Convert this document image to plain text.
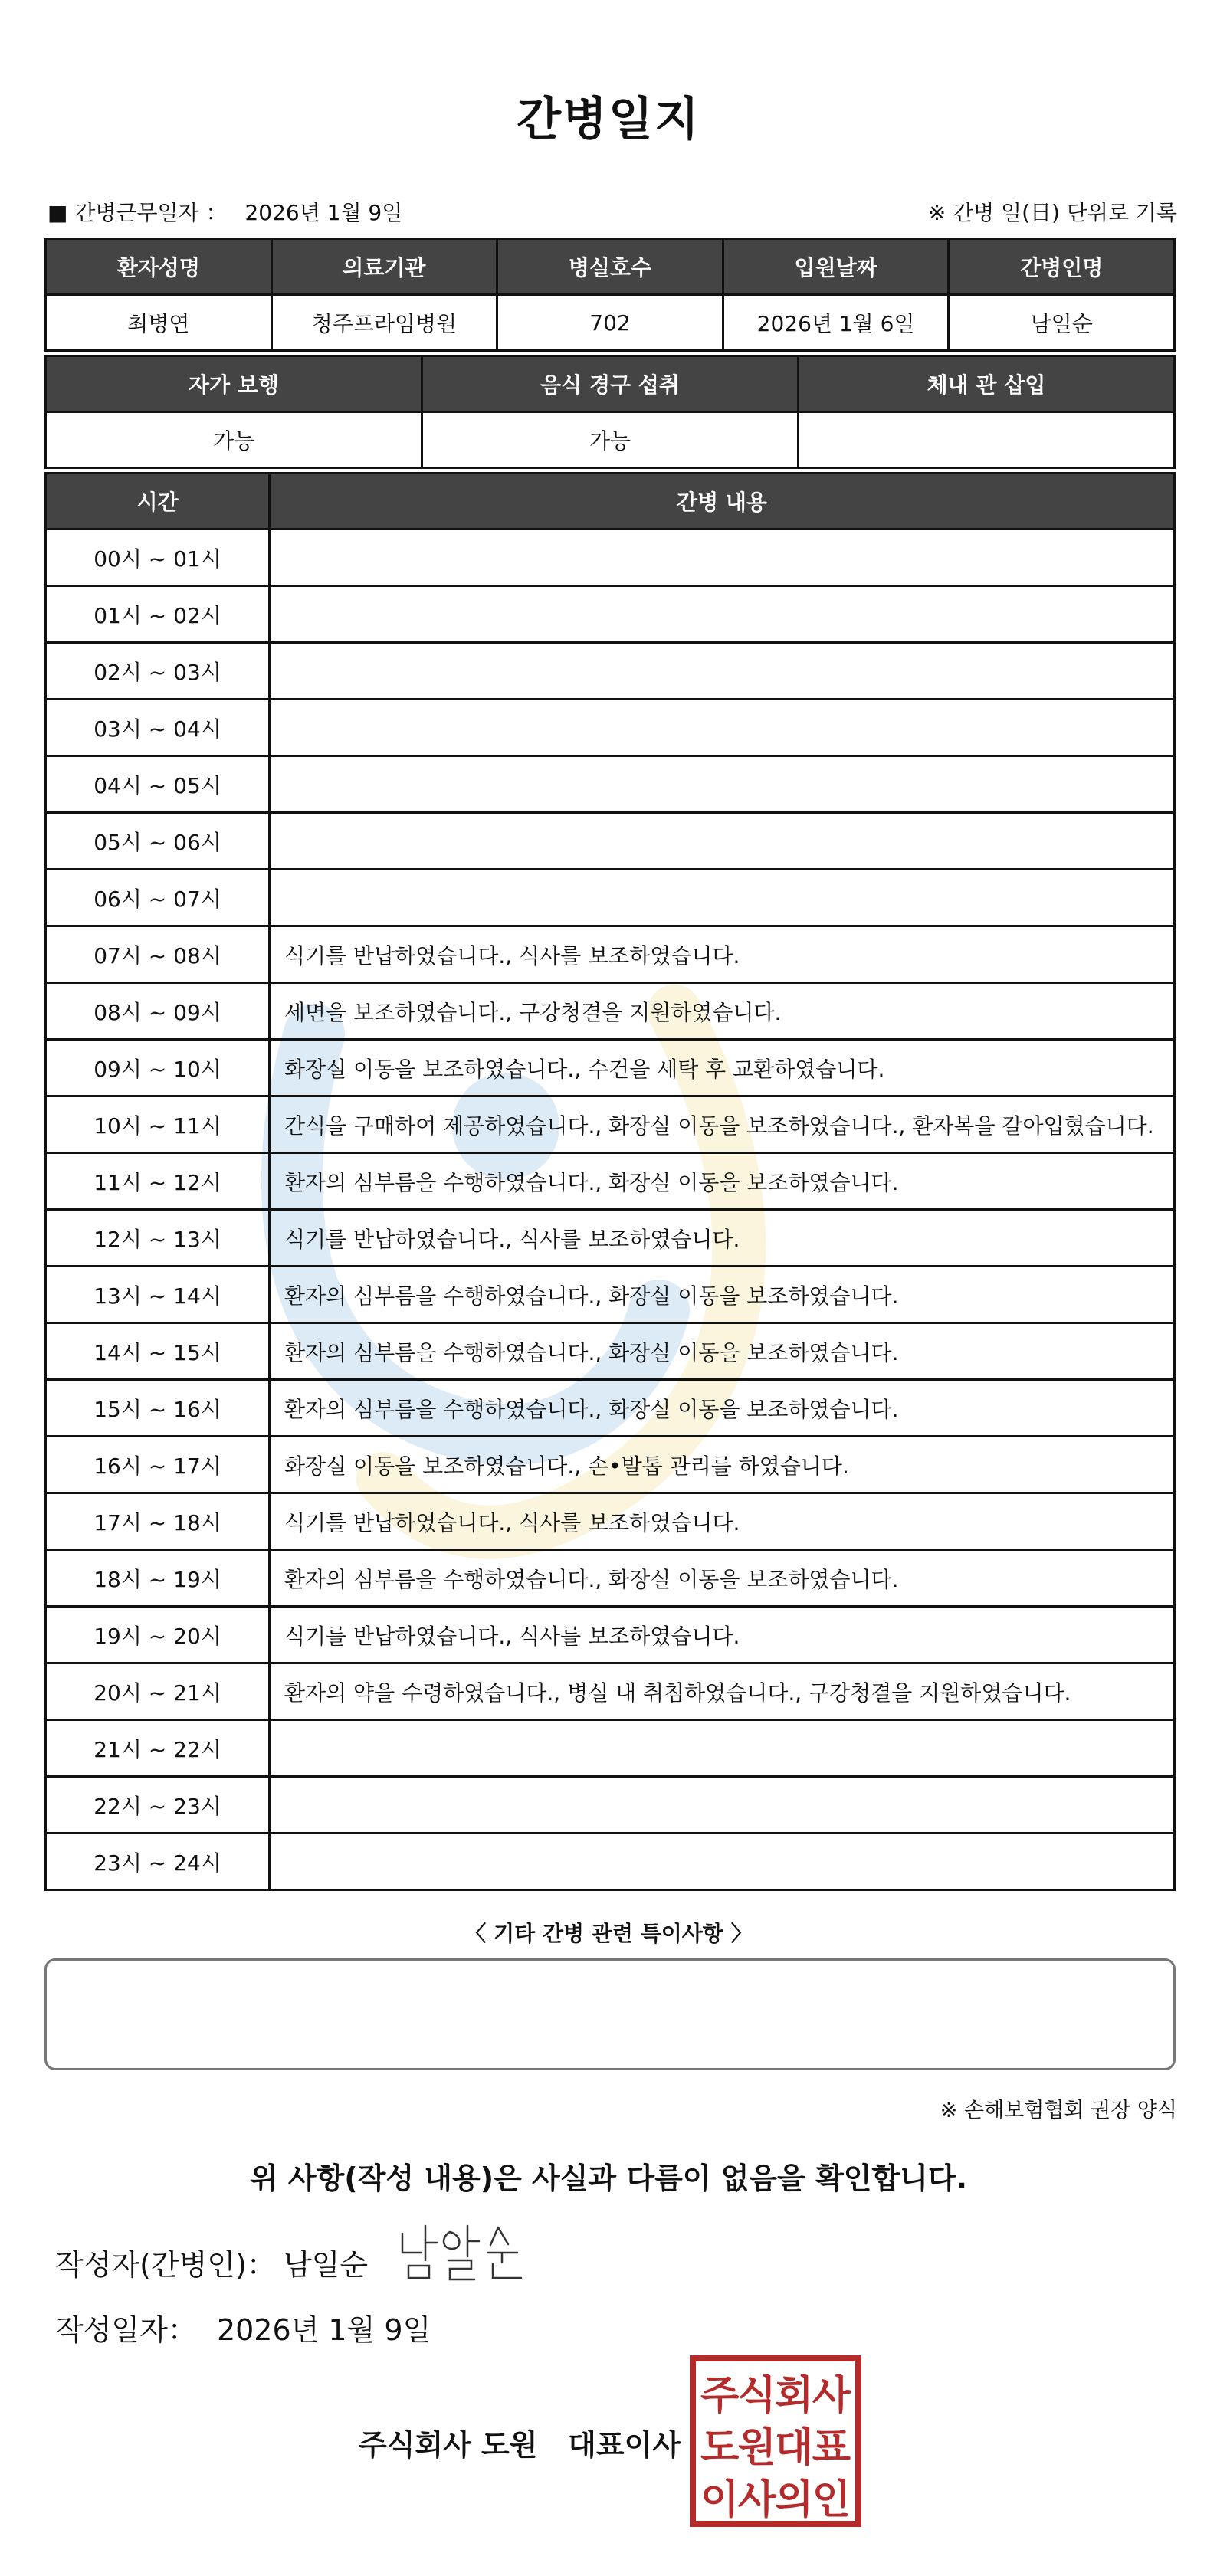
간병일지
■ 간병근무일자 ： 2026년 1월 9일	※ 간병 일(日) 단위로 기록
환자성명	의료기관	병실호수	입원날짜	간병인명
최병연	청주프라임병원	702	2026년 1월 6일	남일순
자가 보행	음식 경구 섭취	체내 관 삽입
가능	가능	
시간	간병 내용
00시 ~ 01시	
01시 ~ 02시	
02시 ~ 03시	
03시 ~ 04시	
04시 ~ 05시	
05시 ~ 06시	
06시 ~ 07시	
07시 ~ 08시	식기를 반납하였습니다., 식사를 보조하였습니다.
08시 ~ 09시	세면을 보조하였습니다., 구강청결을 지원하였습니다.
09시 ~ 10시	화장실 이동을 보조하였습니다., 수건을 세탁 후 교환하였습니다.
10시 ~ 11시	간식을 구매하여 제공하였습니다., 화장실 이동을 보조하였습니다., 환자복을 갈아입혔습니다.
11시 ~ 12시	환자의 심부름을 수행하였습니다., 화장실 이동을 보조하였습니다.
12시 ~ 13시	식기를 반납하였습니다., 식사를 보조하였습니다.
13시 ~ 14시	환자의 심부름을 수행하였습니다., 화장실 이동을 보조하였습니다.
14시 ~ 15시	환자의 심부름을 수행하였습니다., 화장실 이동을 보조하였습니다.
15시 ~ 16시	환자의 심부름을 수행하였습니다., 화장실 이동을 보조하였습니다.
16시 ~ 17시	화장실 이동을 보조하였습니다., 손•발톱 관리를 하였습니다.
17시 ~ 18시	식기를 반납하였습니다., 식사를 보조하였습니다.
18시 ~ 19시	환자의 심부름을 수행하였습니다., 화장실 이동을 보조하였습니다.
19시 ~ 20시	식기를 반납하였습니다., 식사를 보조하였습니다.
20시 ~ 21시	환자의 약을 수령하였습니다., 병실 내 취침하였습니다., 구강청결을 지원하였습니다.
21시 ~ 22시	
22시 ~ 23시	
23시 ~ 24시	
〈 기타 간병 관련 특이사항 〉
※ 손해보험협회 권장 양식
위 사항(작성 내용)은 사실과 다름이 없음을 확인합니다.
작성자(간병인)： 남일순
작성일자： 2026년 1월 9일
주식회사 도원   대표이사
주식회사
도원대표
이사의인
